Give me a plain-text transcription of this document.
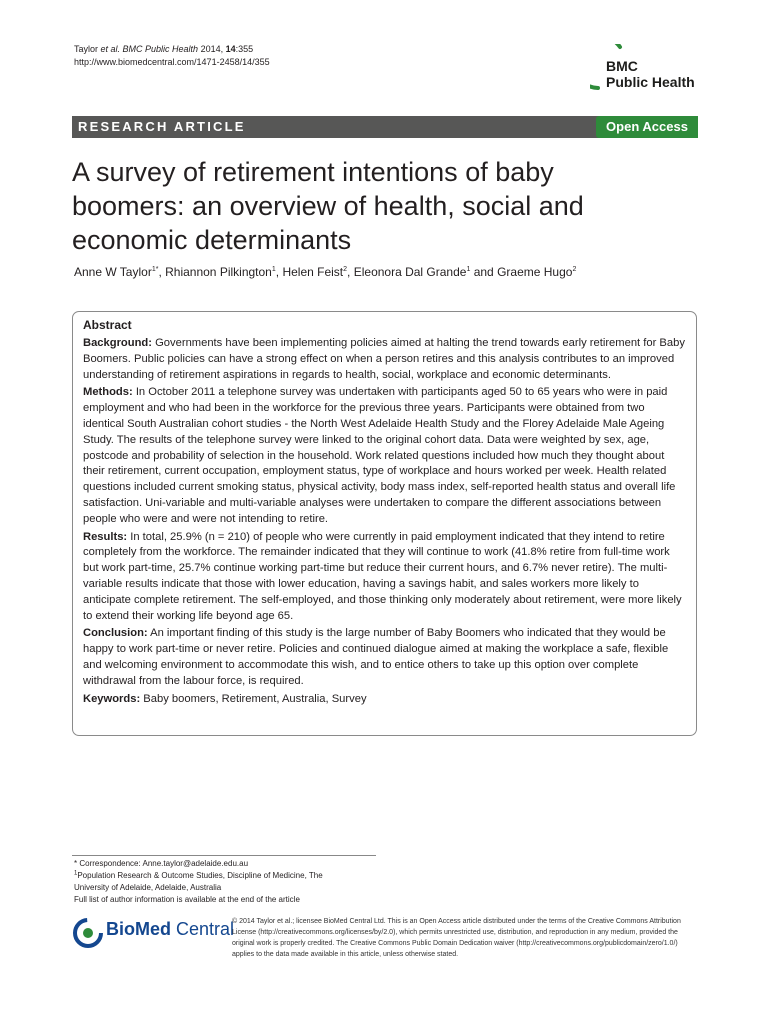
Taylor et al. BMC Public Health 2014, 14:355
http://www.biomedcentral.com/1471-2458/14/355	BMC
Public Health
RESEARCH ARTICLE	Open Access
A survey of retirement intentions of baby boomers: an overview of health, social and economic determinants
Anne W Taylor$^{1*}$, Rhiannon Pilkington$^1$, Helen Feist$^2$, Eleonora Dal Grande$^1$ and Graeme Hugo$^2$
Abstract

Background: Governments have been implementing policies aimed at halting the trend towards early retirement for Baby Boomers. Public policies can have a strong effect on when a person retires and this analysis contributes to an improved understanding of retirement aspirations in regards to health, social, workplace and economic determinants.

Methods: In October 2011 a telephone survey was undertaken with participants aged 50 to 65 years who were in paid employment and who had been in the workforce for the previous three years. Participants were obtained from two identical South Australian cohort studies - the North West Adelaide Health Study and the Florey Adelaide Male Ageing Study. The results of the telephone survey were linked to the original cohort data. Data were weighted by sex, age, postcode and probability of selection in the household. Work related questions included how much they thought about their retirement, current occupation, employment status, type of workplace and hours worked per week. Health related questions included current smoking status, physical activity, body mass index, self-reported health status and overall life satisfaction. Uni-variable and multi-variable analyses were undertaken to compare the different associations between people who were and were not intending to retire.

Results: In total, 25.9% (n = 210) of people who were currently in paid employment indicated that they intend to retire completely from the workforce. The remainder indicated that they will continue to work (41.8% retire from full-time work but work part-time, 25.7% continue working part-time but reduce their current hours, and 6.7% never retire). The multi-variable results indicate that those with lower education, having a savings habit, and sales workers more likely to anticipate complete retirement. The self-employed, and those thinking only moderately about retirement, were more likely to extend their working life beyond age 65.

Conclusion: An important finding of this study is the large number of Baby Boomers who indicated that they would be happy to work part-time or never retire. Policies and continued dialogue aimed at making the workplace a safe, flexible and welcoming environment to accommodate this wish, and to entice others to take up this option over complete withdrawal from the labour force, is required.

Keywords: Baby boomers, Retirement, Australia, Survey

* Correspondence: Anne.taylor@adelaide.edu.au
$^1$Population Research & Outcome Studies, Discipline of Medicine, The
University of Adelaide, Adelaide, Australia
Full list of author information is available at the end of the article
BioMed Central
© 2014 Taylor et al.; licensee BioMed Central Ltd. This is an Open Access article distributed under the terms of the Creative Commons Attribution License (http://creativecommons.org/licenses/by/2.0), which permits unrestricted use, distribution, and reproduction in any medium, provided the original work is properly credited. The Creative Commons Public Domain Dedication waiver (http://creativecommons.org/publicdomain/zero/1.0/) applies to the data made available in this article, unless otherwise stated.
